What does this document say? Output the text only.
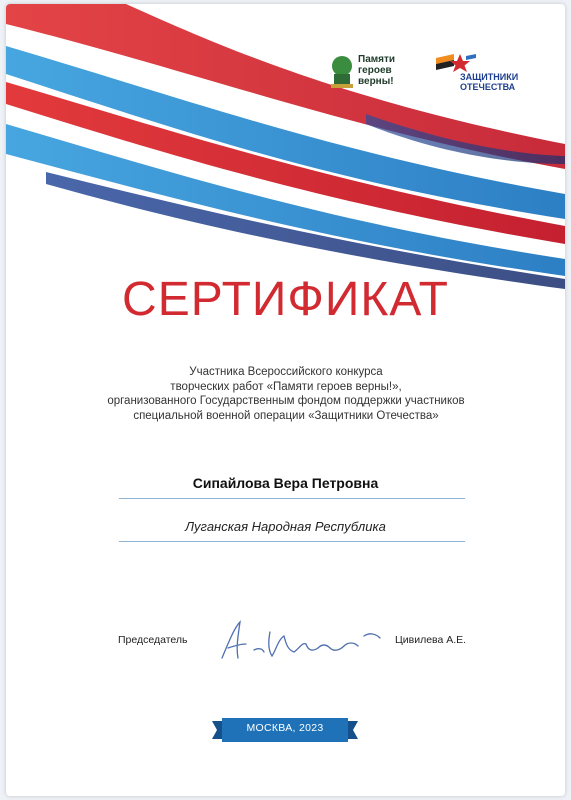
Памяти
героев
верны!	ЗАЩИТНИКИ
ОТЕЧЕСТВА
СЕРТИФИКАТ
Участника Всероссийского конкурса
творческих работ «Памяти героев верны!»,
организованного Государственным фондом поддержки участников
специальной военной операции «Защитники Отечества»
Сипайлова Вера Петровна
Луганская Народная Республика
Председатель	Цивилева А.Е.
МОСКВА, 2023
